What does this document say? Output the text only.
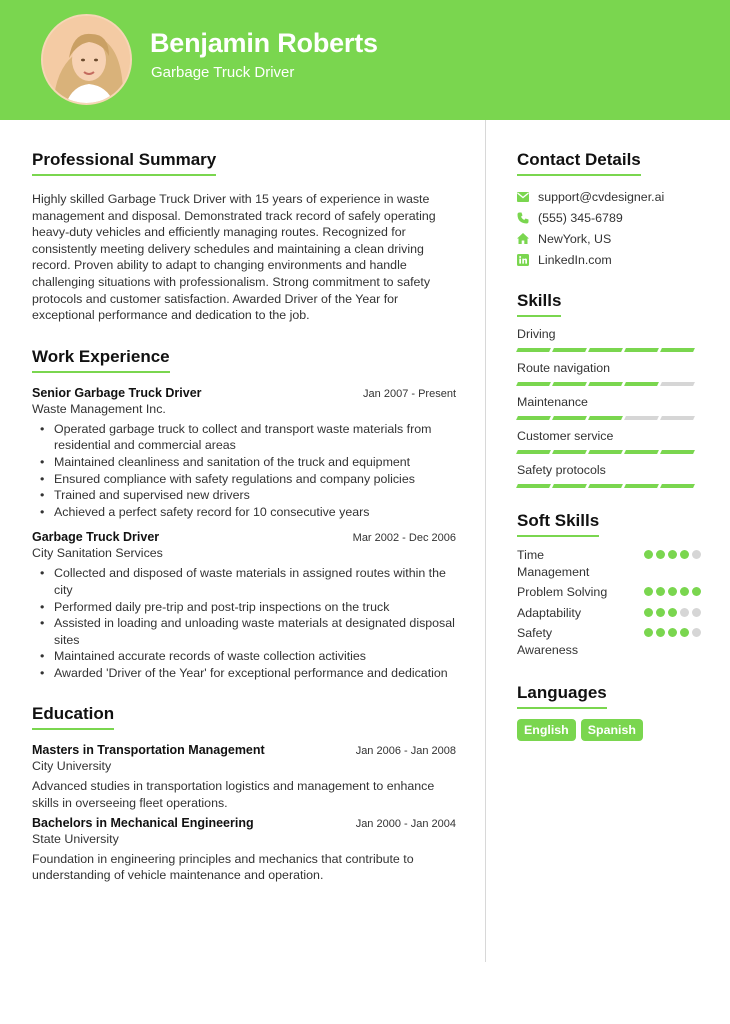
Benjamin Roberts
Garbage Truck Driver
Professional Summary

Highly skilled Garbage Truck Driver with 15 years of experience in waste management and disposal. Demonstrated track record of safely operating heavy-duty vehicles and efficiently managing routes. Recognized for consistently meeting delivery schedules and maintaining a clean driving record. Proven ability to adapt to changing environments and handle challenging situations with professionalism. Strong commitment to safety protocols and customer satisfaction. Awarded Driver of the Year for exceptional performance and dedication to the job.

Work Experience
Senior Garbage Truck Driver	Jan 2007 - Present
Waste Management Inc.
• Operated garbage truck to collect and transport waste materials from residential and commercial areas
• Maintained cleanliness and sanitation of the truck and equipment
• Ensured compliance with safety regulations and company policies
• Trained and supervised new drivers
• Achieved a perfect safety record for 10 consecutive years
Garbage Truck Driver	Mar 2002 - Dec 2006
City Sanitation Services
• Collected and disposed of waste materials in assigned routes within the city
• Performed daily pre-trip and post-trip inspections on the truck
• Assisted in loading and unloading waste materials at designated disposal sites
• Maintained accurate records of waste collection activities
• Awarded 'Driver of the Year' for exceptional performance and dedication
Education
Masters in Transportation Management	Jan 2006 - Jan 2008
City University

Advanced studies in transportation logistics and management to enhance skills in overseeing fleet operations.

Bachelors in Mechanical Engineering	Jan 2000 - Jan 2004
State University

Foundation in engineering principles and mechanics that contribute to understanding of vehicle maintenance and operation.

Contact Details
support@cvdesigner.ai
(555) 345-6789
NewYork, US
LinkedIn.com
Skills
Driving
Route navigation
Maintenance
Customer service
Safety protocols
Soft Skills
Time Management
Problem Solving
Adaptability
Safety Awareness
Languages
English	Spanish
